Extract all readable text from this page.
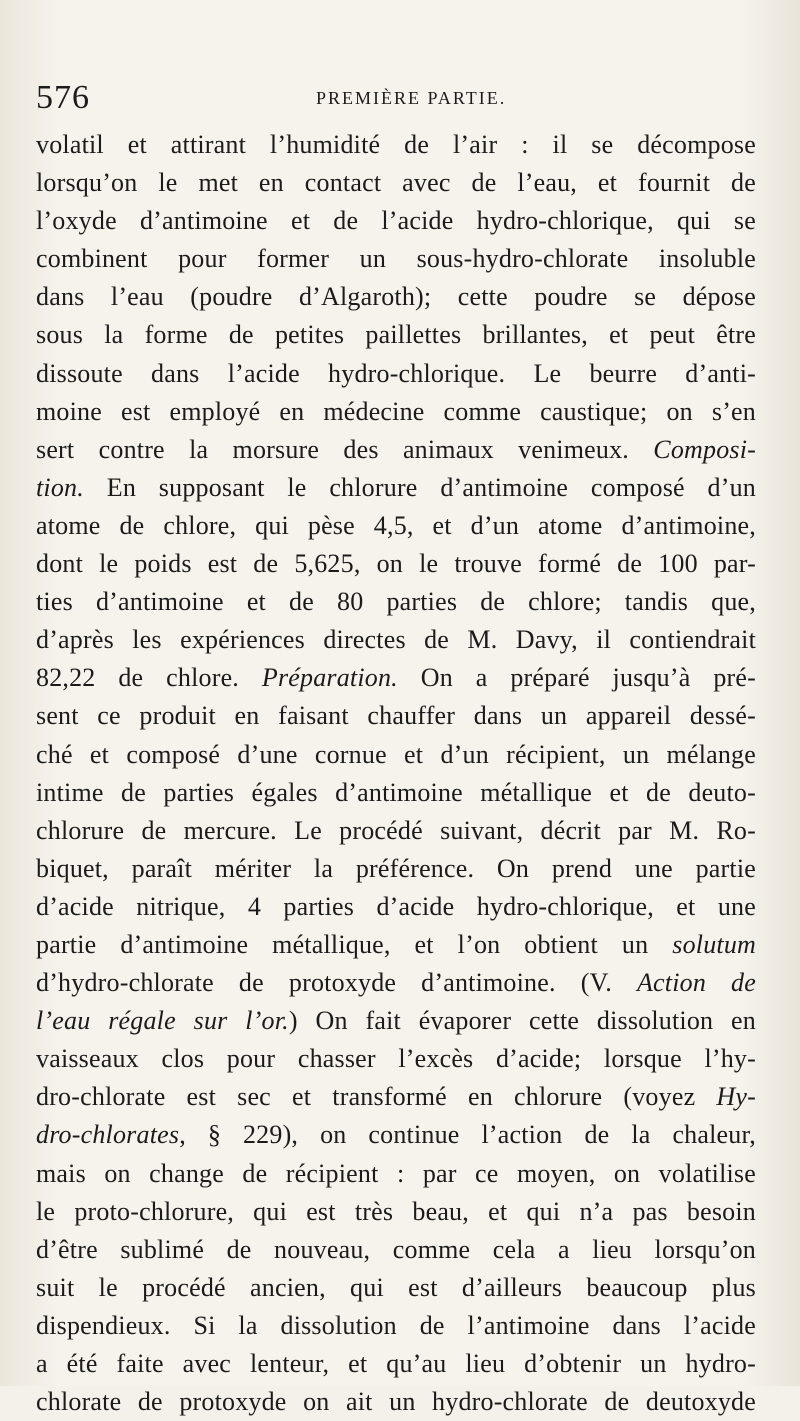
576	PREMIÈRE PARTIE.
volatil et attirant l’humidité de l’air : il se décompose
lorsqu’on le met en contact avec de l’eau, et fournit de
l’oxyde d’antimoine et de l’acide hydro-chlorique, qui se
combinent pour former un sous-hydro-chlorate insoluble
dans l’eau (poudre d’Algaroth); cette poudre se dépose
sous la forme de petites paillettes brillantes, et peut être
dissoute dans l’acide hydro-chlorique. Le beurre d’anti-
moine est employé en médecine comme caustique; on s’en
sert contre la morsure des animaux venimeux. Composi-
tion. En supposant le chlorure d’antimoine composé d’un
atome de chlore, qui pèse 4,5, et d’un atome d’antimoine,
dont le poids est de 5,625, on le trouve formé de 100 par-
ties d’antimoine et de 80 parties de chlore; tandis que,
d’après les expériences directes de M. Davy, il contiendrait
82,22 de chlore. Préparation. On a préparé jusqu’à pré-
sent ce produit en faisant chauffer dans un appareil dessé-
ché et composé d’une cornue et d’un récipient, un mélange
intime de parties égales d’antimoine métallique et de deuto-
chlorure de mercure. Le procédé suivant, décrit par M. Ro-
biquet, paraît mériter la préférence. On prend une partie
d’acide nitrique, 4 parties d’acide hydro-chlorique, et une
partie d’antimoine métallique, et l’on obtient un solutum
d’hydro-chlorate de protoxyde d’antimoine. (V. Action de
l’eau régale sur l’or.) On fait évaporer cette dissolution en
vaisseaux clos pour chasser l’excès d’acide; lorsque l’hy-
dro-chlorate est sec et transformé en chlorure (voyez Hy-
dro-chlorates, § 229), on continue l’action de la chaleur,
mais on change de récipient : par ce moyen, on volatilise
le proto-chlorure, qui est très beau, et qui n’a pas besoin
d’être sublimé de nouveau, comme cela a lieu lorsqu’on
suit le procédé ancien, qui est d’ailleurs beaucoup plus
dispendieux. Si la dissolution de l’antimoine dans l’acide
a été faite avec lenteur, et qu’au lieu d’obtenir un hydro-
chlorate de protoxyde on ait un hydro-chlorate de deutoxyde
